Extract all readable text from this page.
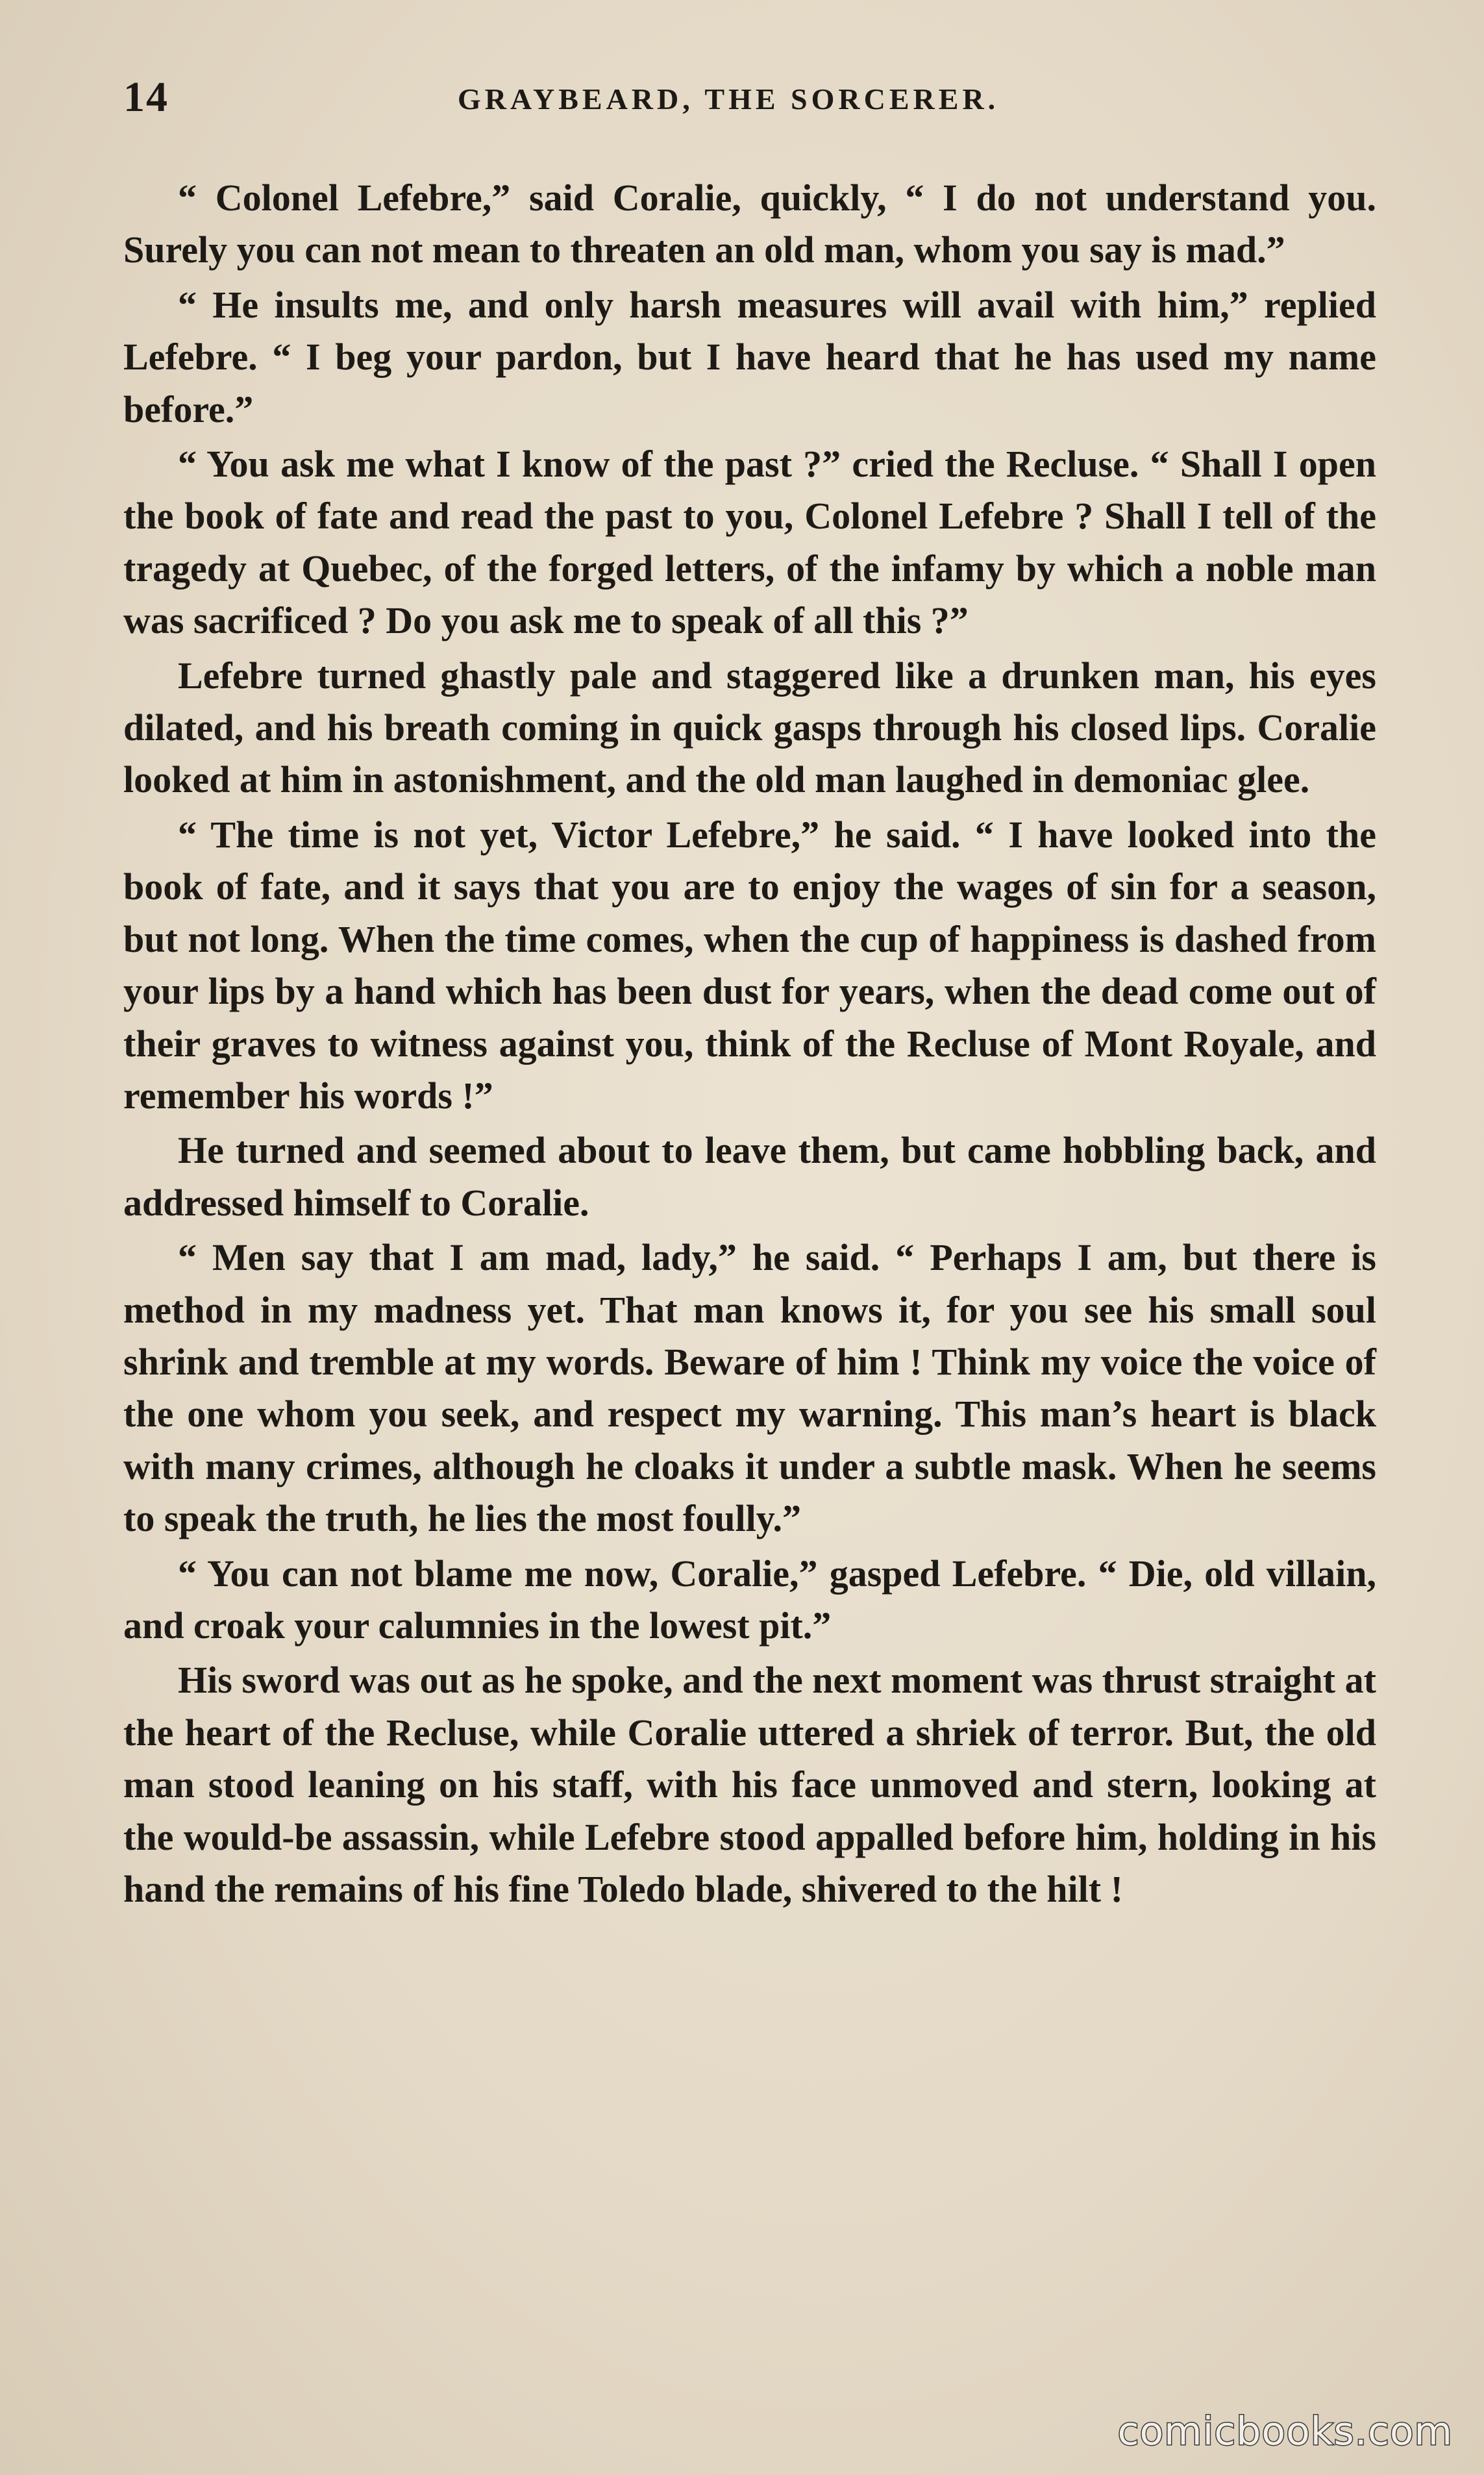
14	GRAYBEARD, THE SORCERER.

“ Colonel Lefebre,” said Coralie, quickly, “ I do not understand you. Surely you can not mean to threaten an old man, whom you say is mad.”

“ He insults me, and only harsh measures will avail with him,” replied Lefebre. “ I beg your pardon, but I have heard that he has used my name before.”

“ You ask me what I know of the past ?” cried the Recluse. “ Shall I open the book of fate and read the past to you, Colonel Lefebre ? Shall I tell of the tragedy at Quebec, of the forged letters, of the infamy by which a noble man was sacrificed ? Do you ask me to speak of all this ?”

Lefebre turned ghastly pale and staggered like a drunken man, his eyes dilated, and his breath coming in quick gasps through his closed lips. Coralie looked at him in astonishment, and the old man laughed in demoniac glee.

“ The time is not yet, Victor Lefebre,” he said. “ I have looked into the book of fate, and it says that you are to enjoy the wages of sin for a season, but not long. When the time comes, when the cup of happiness is dashed from your lips by a hand which has been dust for years, when the dead come out of their graves to witness against you, think of the Recluse of Mont Royale, and remember his words !”

He turned and seemed about to leave them, but came hobbling back, and addressed himself to Coralie.

“ Men say that I am mad, lady,” he said. “ Perhaps I am, but there is method in my madness yet. That man knows it, for you see his small soul shrink and tremble at my words. Beware of him ! Think my voice the voice of the one whom you seek, and respect my warning. This man’s heart is black with many crimes, although he cloaks it under a subtle mask. When he seems to speak the truth, he lies the most foully.”

“ You can not blame me now, Coralie,” gasped Lefebre. “ Die, old villain, and croak your calumnies in the lowest pit.”

His sword was out as he spoke, and the next moment was thrust straight at the heart of the Recluse, while Coralie uttered a shriek of terror. But, the old man stood leaning on his staff, with his face unmoved and stern, looking at the would-be assassin, while Lefebre stood appalled before him, holding in his hand the remains of his fine Toledo blade, shivered to the hilt !

comicbooks.com
